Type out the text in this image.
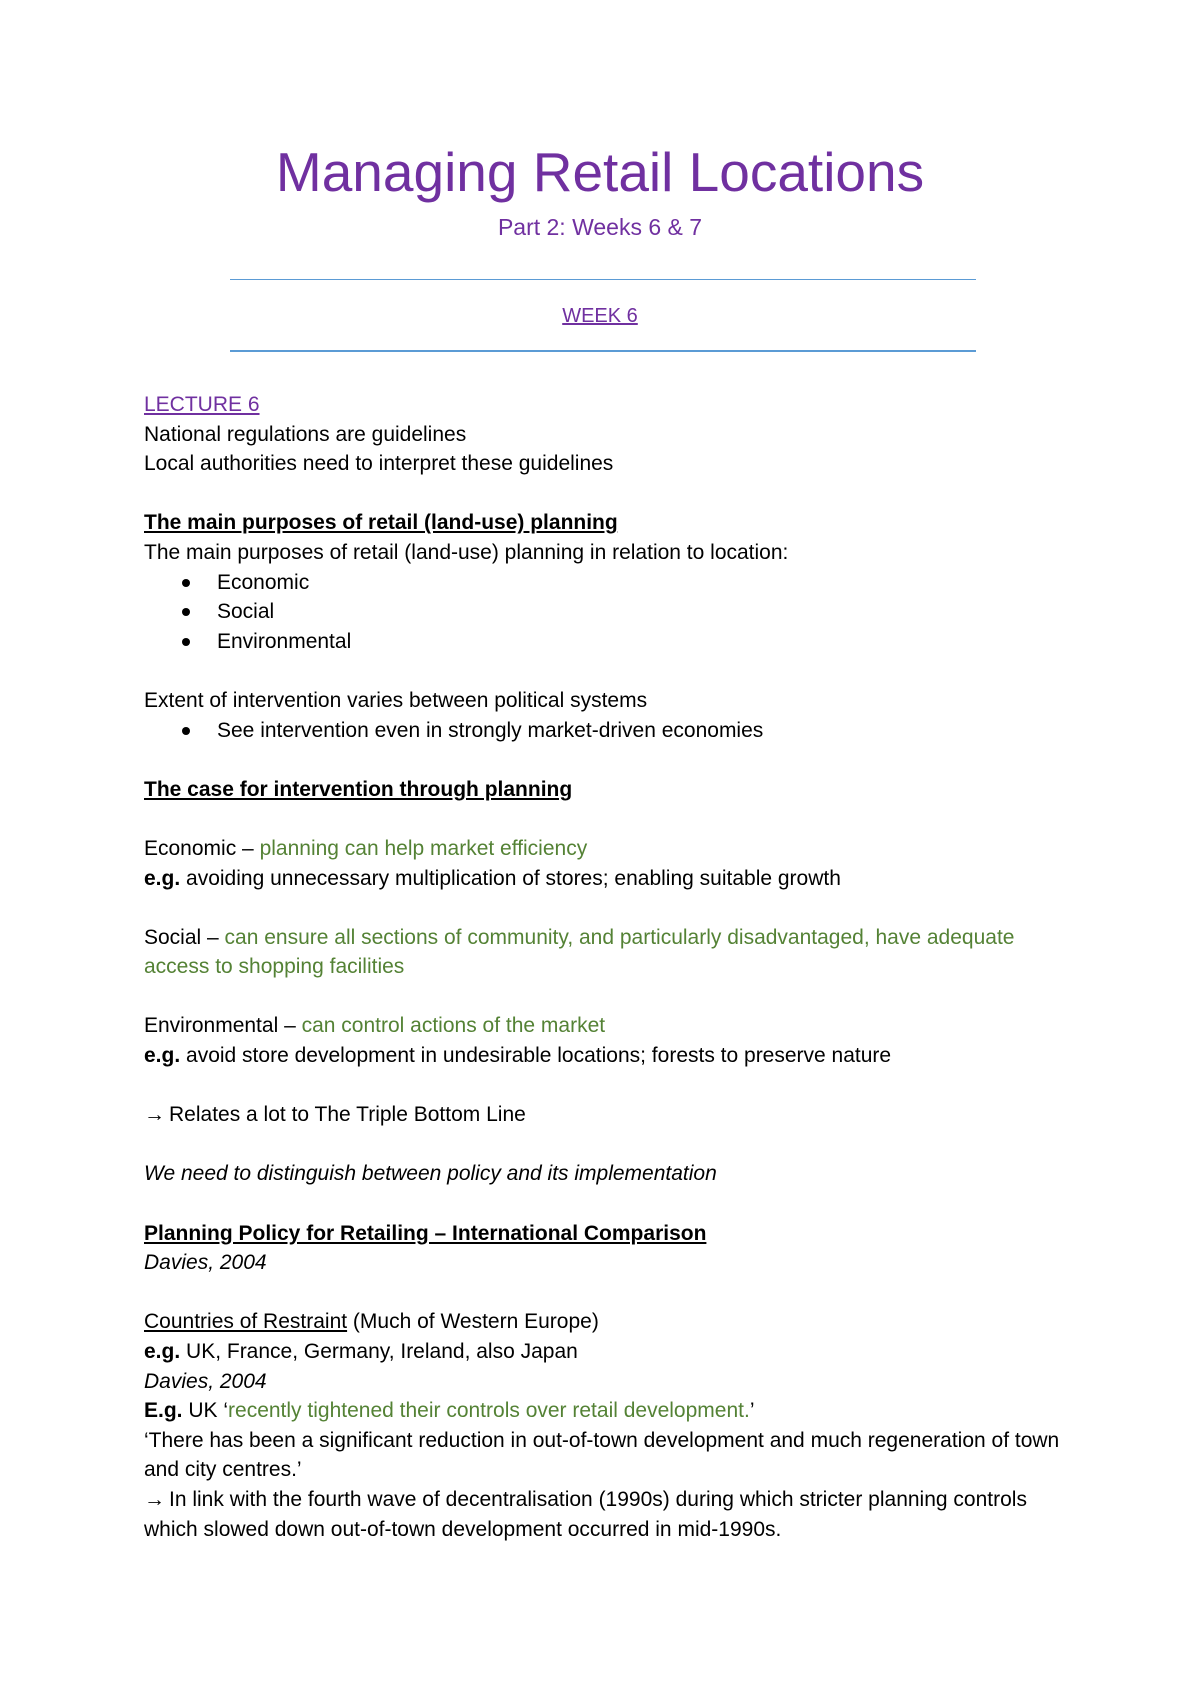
Managing Retail Locations
Part 2: Weeks 6 & 7
WEEK 6
LECTURE 6
National regulations are guidelines
Local authorities need to interpret these guidelines
The main purposes of retail (land-use) planning
The main purposes of retail (land-use) planning in relation to location:
Economic
Social
Environmental
Extent of intervention varies between political systems
See intervention even in strongly market-driven economies
The case for intervention through planning
Economic – planning can help market efficiency
e.g. avoiding unnecessary multiplication of stores; enabling suitable growth
Social – can ensure all sections of community, and particularly disadvantaged, have adequate access to shopping facilities
Environmental – can control actions of the market
e.g. avoid store development in undesirable locations; forests to preserve nature
→ Relates a lot to The Triple Bottom Line
We need to distinguish between policy and its implementation
Planning Policy for Retailing – International Comparison
Davies, 2004
Countries of Restraint (Much of Western Europe)
e.g. UK, France, Germany, Ireland, also Japan
Davies, 2004
E.g. UK ‘recently tightened their controls over retail development.’
‘There has been a significant reduction in out-of-town development and much regeneration of town and city centres.’
→ In link with the fourth wave of decentralisation (1990s) during which stricter planning controls which slowed down out-of-town development occurred in mid-1990s.
